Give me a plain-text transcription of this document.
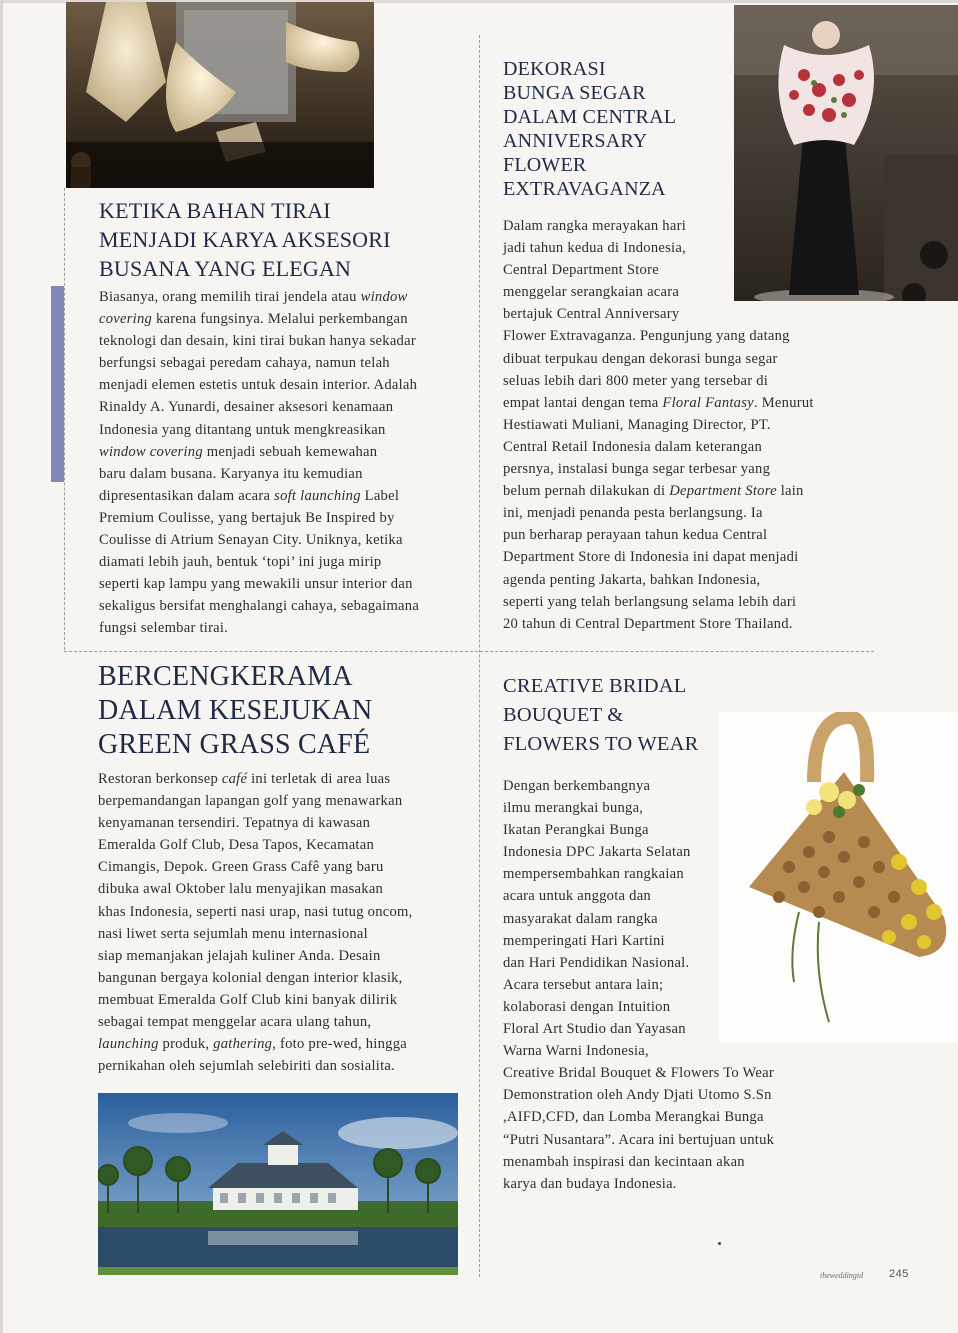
KETIKA BAHAN TIRAI
MENJADI KARYA AKSESORI
BUSANA YANG ELEGAN

Biasanya, orang memilih tirai jendela atau window
covering karena fungsinya. Melalui perkembangan
teknologi dan desain, kini tirai bukan hanya sekadar
berfungsi sebagai peredam cahaya, namun telah
menjadi elemen estetis untuk desain interior. Adalah
Rinaldy A. Yunardi, desainer aksesori kenamaan
Indonesia yang ditantang untuk mengkreasikan
window covering menjadi sebuah kemewahan
baru dalam busana. Karyanya itu kemudian
dipresentasikan dalam acara soft launching Label
Premium Coulisse, yang bertajuk Be Inspired by
Coulisse di Atrium Senayan City. Uniknya, ketika
diamati lebih jauh, bentuk ‘topi’ ini juga mirip
seperti kap lampu yang mewakili unsur interior dan
sekaligus bersifat menghalangi cahaya, sebagaimana
fungsi selembar tirai.

DEKORASI
BUNGA SEGAR
DALAM CENTRAL
ANNIVERSARY
FLOWER
EXTRAVAGANZA

Dalam rangka merayakan hari
jadi tahun kedua di Indonesia,
Central Department Store
menggelar serangkaian acara
bertajuk Central Anniversary
Flower Extravaganza. Pengunjung yang datang
dibuat terpukau dengan dekorasi bunga segar
seluas lebih dari 800 meter yang tersebar di
empat lantai dengan tema Floral Fantasy. Menurut
Hestiawati Muliani, Managing Director, PT.
Central Retail Indonesia dalam keterangan
persnya, instalasi bunga segar terbesar yang
belum pernah dilakukan di Department Store lain
ini, menjadi penanda pesta berlangsung. Ia
pun berharap perayaan tahun kedua Central
Department Store di Indonesia ini dapat menjadi
agenda penting Jakarta, bahkan Indonesia,
seperti yang telah berlangsung selama lebih dari
20 tahun di Central Department Store Thailand.

BERCENGKERAMA
DALAM KESEJUKAN
GREEN GRASS CAFÉ

Restoran berkonsep café ini terletak di area luas
berpemandangan lapangan golf yang menawarkan
kenyamanan tersendiri. Tepatnya di kawasan
Emeralda Golf Club, Desa Tapos, Kecamatan
Cimangis, Depok. Green Grass Cafê yang baru
dibuka awal Oktober lalu menyajikan masakan
khas Indonesia, seperti nasi urap, nasi tutug oncom,
nasi liwet serta sejumlah menu internasional
siap memanjakan jelajah kuliner Anda. Desain
bangunan bergaya kolonial dengan interior klasik,
membuat Emeralda Golf Club kini banyak dilirik
sebagai tempat menggelar acara ulang tahun,
launching produk, gathering, foto pre-wed, hingga
pernikahan oleh sejumlah selebiriti dan sosialita.

CREATIVE BRIDAL
BOUQUET &
FLOWERS TO WEAR

Dengan berkembangnya
ilmu merangkai bunga,
Ikatan Perangkai Bunga
Indonesia DPC Jakarta Selatan
mempersembahkan rangkaian
acara untuk anggota dan
masyarakat dalam rangka
memperingati Hari Kartini
dan Hari Pendidikan Nasional.
Acara tersebut antara lain;
kolaborasi dengan Intuition
Floral Art Studio dan Yayasan
Warna Warni Indonesia,
Creative Bridal Bouquet & Flowers To Wear
Demonstration oleh Andy Djati Utomo S.Sn
,AIFD,CFD, dan Lomba Merangkai Bunga
“Putri Nusantara”. Acara ini bertujuan untuk
menambah inspirasi dan kecintaan akan
karya dan budaya Indonesia.

theweddingid 245
